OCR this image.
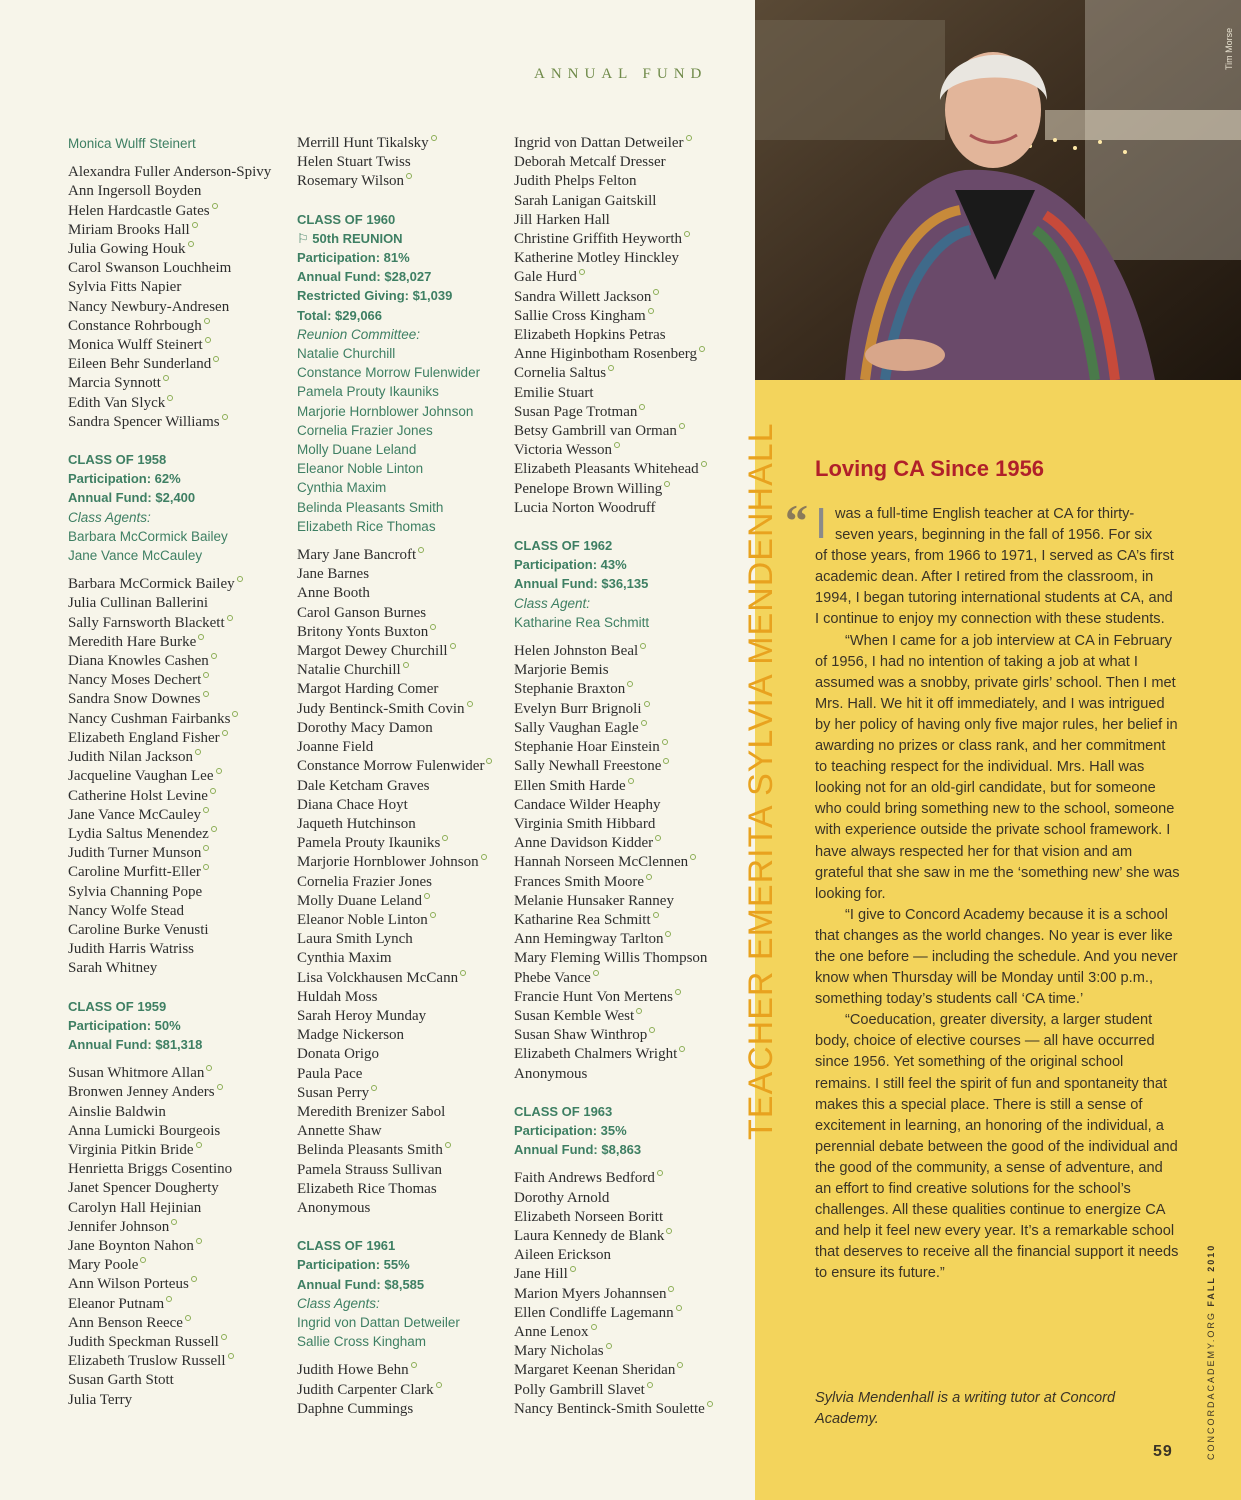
ANNUAL FUND
Monica Wulff Steinert
Alexandra Fuller Anderson-Spivy
Ann Ingersoll Boyden
Helen Hardcastle Gates
Miriam Brooks Hall
Julia Gowing Houk
Carol Swanson Louchheim
Sylvia Fitts Napier
Nancy Newbury-Andresen
Constance Rohrbough
Monica Wulff Steinert
Eileen Behr Sunderland
Marcia Synnott
Edith Van Slyck
Sandra Spencer Williams
CLASS OF 1958
Participation: 62%
Annual Fund: $2,400
Class Agents:
Barbara McCormick Bailey
Jane Vance McCauley
Barbara McCormick Bailey
Julia Cullinan Ballerini
Sally Farnsworth Blackett
Meredith Hare Burke
Diana Knowles Cashen
Nancy Moses Dechert
Sandra Snow Downes
Nancy Cushman Fairbanks
Elizabeth England Fisher
Judith Nilan Jackson
Jacqueline Vaughan Lee
Catherine Holst Levine
Jane Vance McCauley
Lydia Saltus Menendez
Judith Turner Munson
Caroline Murfitt-Eller
Sylvia Channing Pope
Nancy Wolfe Stead
Caroline Burke Venusti
Judith Harris Watriss
Sarah Whitney
CLASS OF 1959
Participation: 50%
Annual Fund: $81,318
Susan Whitmore Allan
Bronwen Jenney Anders
Ainslie Baldwin
Anna Lumicki Bourgeois
Virginia Pitkin Bride
Henrietta Briggs Cosentino
Janet Spencer Dougherty
Carolyn Hall Hejinian
Jennifer Johnson
Jane Boynton Nahon
Mary Poole
Ann Wilson Porteus
Eleanor Putnam
Ann Benson Reece
Judith Speckman Russell
Elizabeth Truslow Russell
Susan Garth Stott
Julia Terry
Merrill Hunt Tikalsky
Helen Stuart Twiss
Rosemary Wilson
CLASS OF 1960
⚐ 50th REUNION
Participation: 81%
Annual Fund: $28,027
Restricted Giving: $1,039
Total: $29,066
Reunion Committee:
Natalie Churchill
Constance Morrow Fulenwider
Pamela Prouty Ikauniks
Marjorie Hornblower Johnson
Cornelia Frazier Jones
Molly Duane Leland
Eleanor Noble Linton
Cynthia Maxim
Belinda Pleasants Smith
Elizabeth Rice Thomas
Mary Jane Bancroft
Jane Barnes
Anne Booth
Carol Ganson Burnes
Britony Yonts Buxton
Margot Dewey Churchill
Natalie Churchill
Margot Harding Comer
Judy Bentinck-Smith Covin
Dorothy Macy Damon
Joanne Field
Constance Morrow Fulenwider
Dale Ketcham Graves
Diana Chace Hoyt
Jaqueth Hutchinson
Pamela Prouty Ikauniks
Marjorie Hornblower Johnson
Cornelia Frazier Jones
Molly Duane Leland
Eleanor Noble Linton
Laura Smith Lynch
Cynthia Maxim
Lisa Volckhausen McCann
Huldah Moss
Sarah Heroy Munday
Madge Nickerson
Donata Origo
Paula Pace
Susan Perry
Meredith Brenizer Sabol
Annette Shaw
Belinda Pleasants Smith
Pamela Strauss Sullivan
Elizabeth Rice Thomas
Anonymous
CLASS OF 1961
Participation: 55%
Annual Fund: $8,585
Class Agents:
Ingrid von Dattan Detweiler
Sallie Cross Kingham
Judith Howe Behn
Judith Carpenter Clark
Daphne Cummings
Ingrid von Dattan Detweiler
Deborah Metcalf Dresser
Judith Phelps Felton
Sarah Lanigan Gaitskill
Jill Harken Hall
Christine Griffith Heyworth
Katherine Motley Hinckley
Gale Hurd
Sandra Willett Jackson
Sallie Cross Kingham
Elizabeth Hopkins Petras
Anne Higinbotham Rosenberg
Cornelia Saltus
Emilie Stuart
Susan Page Trotman
Betsy Gambrill van Orman
Victoria Wesson
Elizabeth Pleasants Whitehead
Penelope Brown Willing
Lucia Norton Woodruff
CLASS OF 1962
Participation: 43%
Annual Fund: $36,135
Class Agent:
Katharine Rea Schmitt
Helen Johnston Beal
Marjorie Bemis
Stephanie Braxton
Evelyn Burr Brignoli
Sally Vaughan Eagle
Stephanie Hoar Einstein
Sally Newhall Freestone
Ellen Smith Harde
Candace Wilder Heaphy
Virginia Smith Hibbard
Anne Davidson Kidder
Hannah Norseen McClennen
Frances Smith Moore
Melanie Hunsaker Ranney
Katharine Rea Schmitt
Ann Hemingway Tarlton
Mary Fleming Willis Thompson
Phebe Vance
Francie Hunt Von Mertens
Susan Kemble West
Susan Shaw Winthrop
Elizabeth Chalmers Wright
Anonymous
CLASS OF 1963
Participation: 35%
Annual Fund: $8,863
Faith Andrews Bedford
Dorothy Arnold
Elizabeth Norseen Boritt
Laura Kennedy de Blank
Aileen Erickson
Jane Hill
Marion Myers Johannsen
Ellen Condliffe Lagemann
Anne Lenox
Mary Nicholas
Margaret Keenan Sheridan
Polly Gambrill Slavet
Nancy Bentinck-Smith Soulette
Tim Morse
TEACHER EMERITA SYLVIA MENDENHALL Loving CA Since 1956
“ I was a full-time English teacher at CA for thirty-
seven years, beginning in the fall of 1956. For six
of those years, from 1966 to 1971, I served as CA’s first academic dean. After I retired from the classroom, in 1994, I began tutoring international students at CA, and I continue to enjoy my connection with these students.

“When I came for a job interview at CA in February of 1956, I had no intention of taking a job at what I assumed was a snobby, private girls’ school. Then I met Mrs. Hall. We hit it off immediately, and I was intrigued by her policy of having only five major rules, her belief in awarding no prizes or class rank, and her commitment to teaching respect for the individual. Mrs. Hall was looking not for an old-girl candidate, but for someone who could bring something new to the school, someone with experience outside the private school framework. I have always respected her for that vision and am grateful that she saw in me the ‘something new’ she was looking for.

“I give to Concord Academy because it is a school that changes as the world changes. No year is ever like the one before — including the schedule. And you never know when Thursday will be Monday until 3:00 p.m., something today’s students call ‘CA time.’

“Coeducation, greater diversity, a larger student body, choice of elective courses — all have occurred since 1956. Yet something of the original school remains. I still feel the spirit of fun and spontaneity that makes this a special place. There is still a sense of excitement in learning, an honoring of the individual, a perennial debate between the good of the individual and the good of the community, a sense of adventure, and an effort to find creative solutions for the school’s challenges. All these qualities continue to energize CA and help it feel new every year. It’s a remarkable school that deserves to receive all the financial support it needs to ensure its future.”

Sylvia Mendenhall is a writing tutor at Concord Academy.
59	CONCORDACADEMY.ORG FALL 2010
